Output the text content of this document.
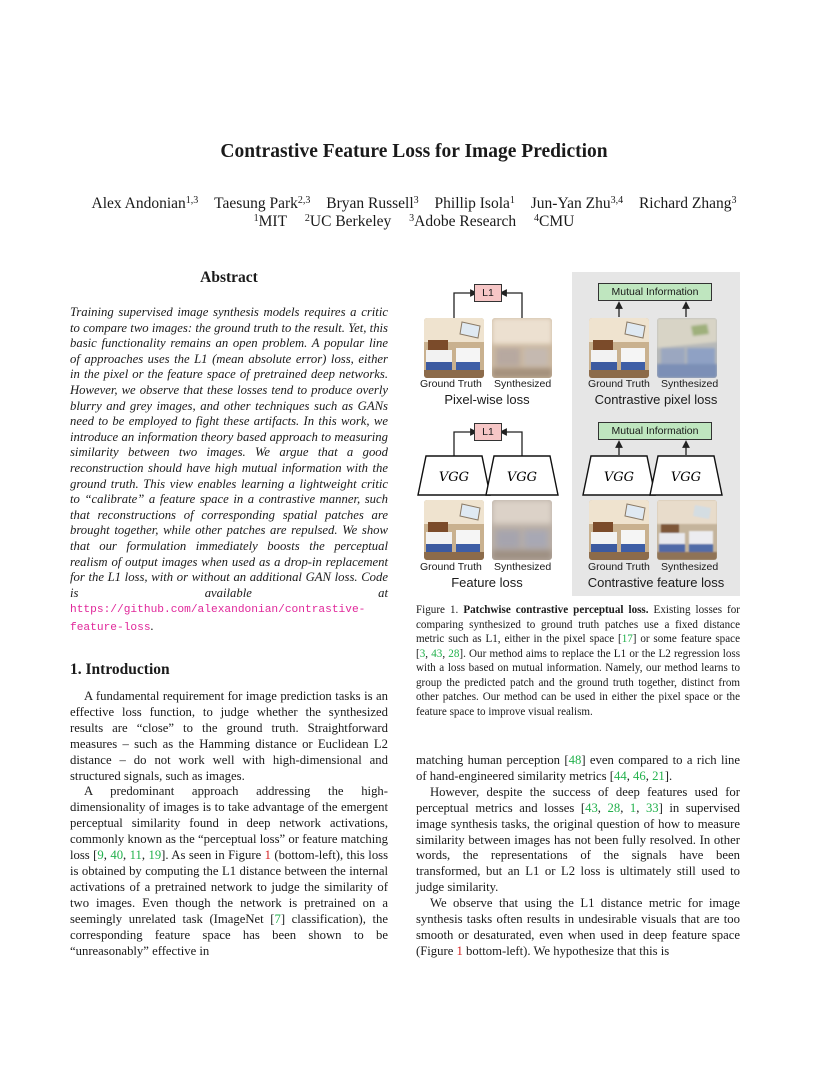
Contrastive Feature Loss for Image Prediction
Alex Andonian$^{1,3}$ Taesung Park$^{2,3}$ Bryan Russell$^3$ Phillip Isola$^1$ Jun-Yan Zhu$^{3,4}$ Richard Zhang$^3$
$^1$MIT $^2$UC Berkeley $^3$Adobe Research $^4$CMU
Abstract
Training supervised image synthesis models requires a critic to compare two images: the ground truth to the result. Yet, this basic functionality remains an open problem. A popular line of approaches uses the L1 (mean absolute error) loss, either in the pixel or the feature space of pretrained deep networks. However, we observe that these losses tend to produce overly blurry and grey images, and other techniques such as GANs need to be employed to fight these artifacts. In this work, we introduce an information theory based approach to measuring similarity between two images. We argue that a good reconstruction should have high mutual information with the ground truth. This view enables learning a lightweight critic to “calibrate” a feature space in a contrastive manner, such that reconstructions of corresponding spatial patches are brought together, while other patches are repulsed. We show that our formulation immediately boosts the perceptual realism of output images when used as a drop-in replacement for the L1 loss, with or without an additional GAN loss. Code is available at https://github.com/alexandonian/contrastive-feature-loss.
1. Introduction

A fundamental requirement for image prediction tasks is an effective loss function, to judge whether the synthesized results are “close” to the ground truth. Straightforward measures – such as the Hamming distance or Euclidean L2 distance – do not work well with high-dimensional and structured signals, such as images.

A predominant approach addressing the high-dimensionality of images is to take advantage of the emergent perceptual similarity found in deep network activations, commonly known as the “perceptual loss” or feature matching loss [9, 40, 11, 19]. As seen in Figure 1 (bottom-left), this loss is obtained by computing the L1 distance between the internal activations of a pretrained network to judge the similarity of two images. Even though the network is pretrained on a seemingly unrelated task (ImageNet [7] classification), the corresponding feature space has been shown to be “unreasonably” effective in

VGG	VGG	VGG	VGG
L1	Mutual Information
L1	Mutual Information
Ground Truth Synthesized	Ground Truth Synthesized
Ground Truth Synthesized	Ground Truth Synthesized
Pixel-wise loss	Contrastive pixel loss
Feature loss	Contrastive feature loss
Figure 1. Patchwise contrastive perceptual loss. Existing losses for comparing synthesized to ground truth patches use a fixed distance metric such as L1, either in the pixel space [17] or some feature space [3, 43, 28]. Our method aims to replace the L1 or the L2 regression loss with a loss based on mutual information. Namely, our method learns to group the predicted patch and the ground truth together, distinct from other patches. Our method can be used in either the pixel space or the feature space to improve visual realism.

matching human perception [48] even compared to a rich line of hand-engineered similarity metrics [44, 46, 21].

However, despite the success of deep features used for perceptual metrics and losses [43, 28, 1, 33] in supervised image synthesis tasks, the original question of how to measure similarity between images has not been fully resolved. In other words, the representations of the signals have been transformed, but an L1 or L2 loss is ultimately still used to judge similarity.

We observe that using the L1 distance metric for image synthesis tasks often results in undesirable visuals that are too smooth or desaturated, even when used in deep feature space (Figure 1 bottom-left). We hypothesize that this is
